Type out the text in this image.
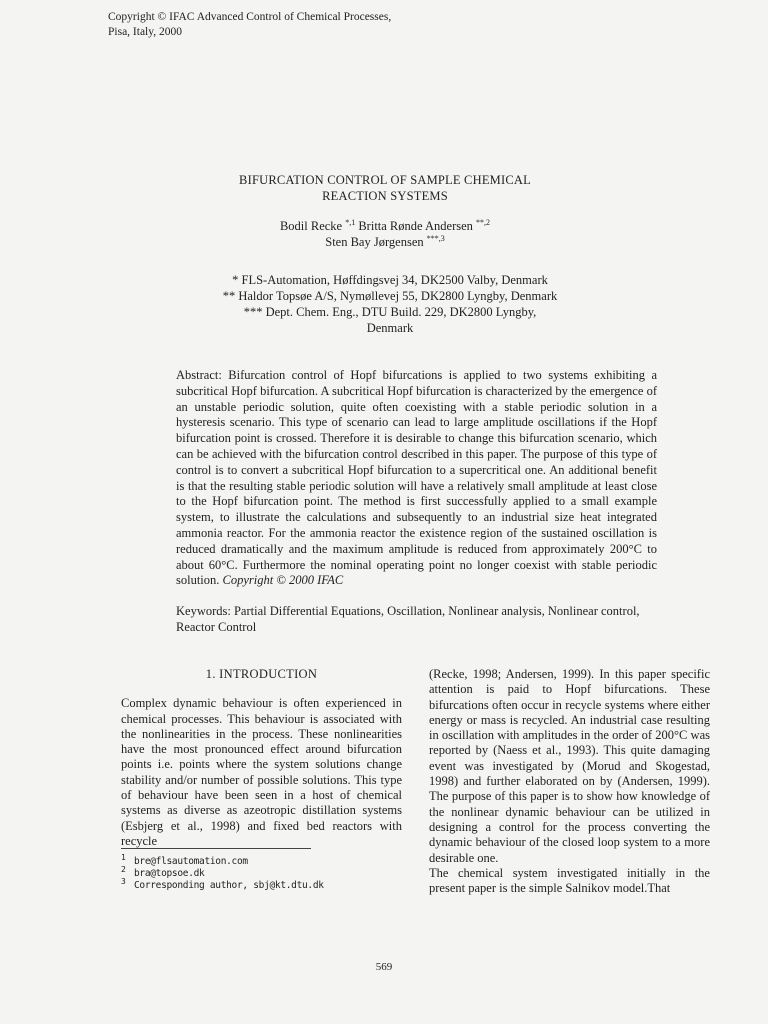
Copyright © IFAC Advanced Control of Chemical Processes,
Pisa, Italy, 2000
BIFURCATION CONTROL OF SAMPLE CHEMICAL
REACTION SYSTEMS
Bodil Recke $^{*,1}$ Britta Rønde Andersen $^{**,2}$
Sten Bay Jørgensen $^{***,3}$
* FLS-Automation, Høffdingsvej 34, DK2500 Valby, Denmark
** Haldor Topsøe A/S, Nymøllevej 55, DK2800 Lyngby, Denmark
*** Dept. Chem. Eng., DTU Build. 229, DK2800 Lyngby,
Denmark
Abstract: Bifurcation control of Hopf bifurcations is applied to two systems exhibiting a subcritical Hopf bifurcation. A subcritical Hopf bifurcation is characterized by the emergence of an unstable periodic solution, quite often coexisting with a stable periodic solution in a hysteresis scenario. This type of scenario can lead to large amplitude oscillations if the Hopf bifurcation point is crossed. Therefore it is desirable to change this bifurcation scenario, which can be achieved with the bifurcation control described in this paper. The purpose of this type of control is to convert a subcritical Hopf bifurcation to a supercritical one. An additional benefit is that the resulting stable periodic solution will have a relatively small amplitude at least close to the Hopf bifurcation point. The method is first successfully applied to a small example system, to illustrate the calculations and subsequently to an industrial size heat integrated ammonia reactor. For the ammonia reactor the existence region of the sustained oscillation is reduced dramatically and the maximum amplitude is reduced from approximately 200°C to about 60°C. Furthermore the nominal operating point no longer coexist with stable periodic solution. Copyright © 2000 IFAC
Keywords: Partial Differential Equations, Oscillation, Nonlinear analysis, Nonlinear control, Reactor Control
1. INTRODUCTION

Complex dynamic behaviour is often experienced in chemical processes. This behaviour is associated with the nonlinearities in the process. These nonlinearities have the most pronounced effect around bifurcation points i.e. points where the system solutions change stability and/or number of possible solutions. This type of behaviour have been seen in a host of chemical systems as diverse as azeotropic distillation systems (Esbjerg et al., 1998) and fixed bed reactors with recycle

(Recke, 1998; Andersen, 1999). In this paper specific attention is paid to Hopf bifurcations. These bifurcations often occur in recycle systems where either energy or mass is recycled. An industrial case resulting in oscillation with amplitudes in the order of 200°C was reported by (Naess et al., 1993). This quite damaging event was investigated by (Morud and Skogestad, 1998) and further elaborated on by (Andersen, 1999). The purpose of this paper is to show how knowledge of the nonlinear dynamic behaviour can be utilized in designing a control for the process converting the dynamic behaviour of the closed loop system to a more desirable one.

The chemical system investigated initially in the present paper is the simple Salnikov model.That

$^1$ bre@flsautomation.com
$^2$ bra@topsoe.dk
$^3$ Corresponding author, sbj@kt.dtu.dk
569
